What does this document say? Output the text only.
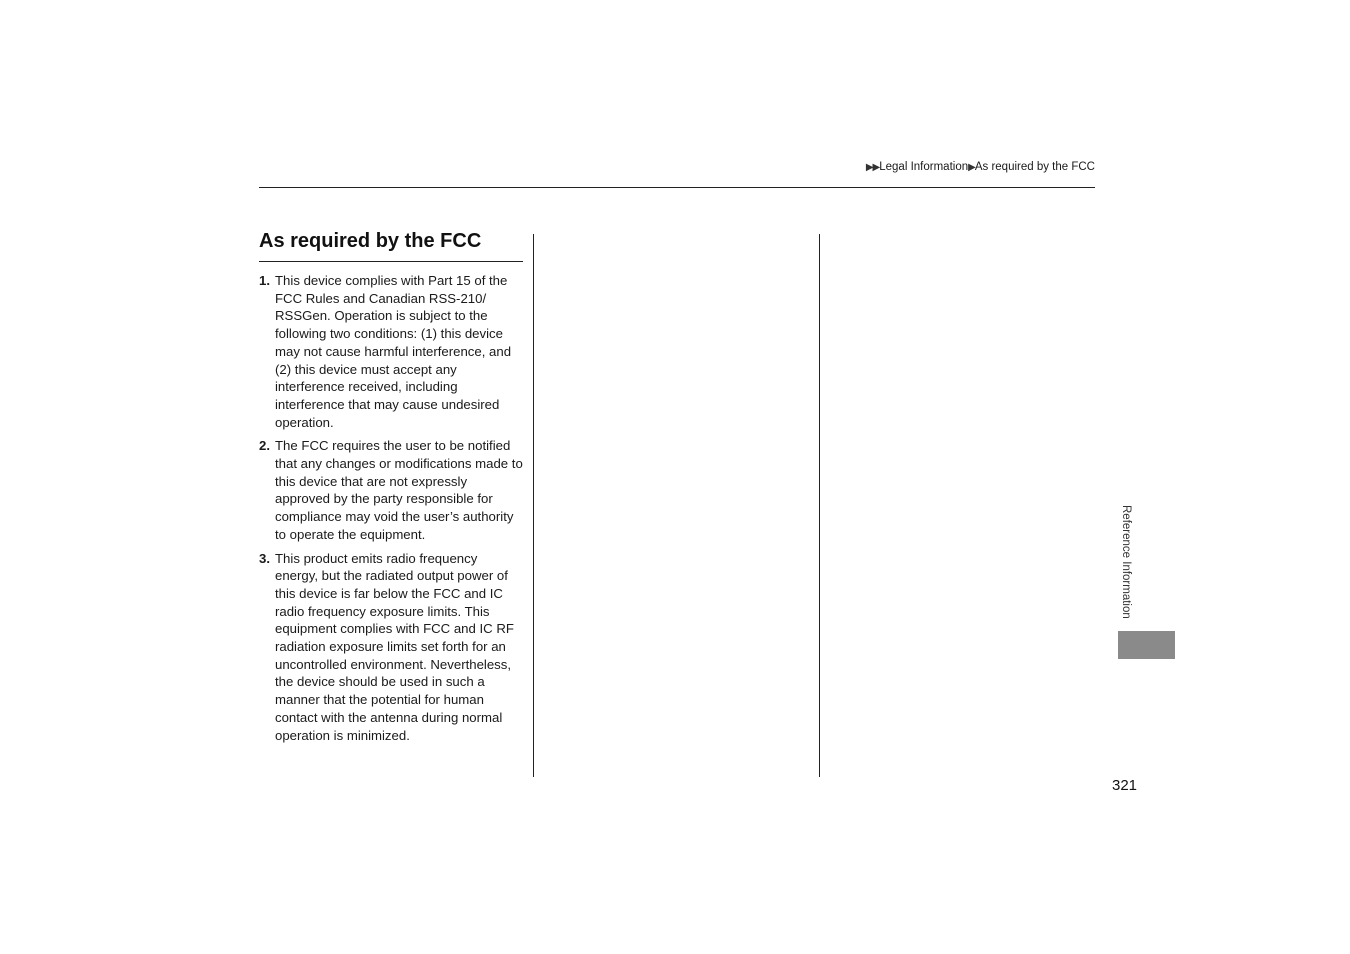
▶▶ Legal Information ▶ As required by the FCC
As required by the FCC
1. This device complies with Part 15 of the FCC Rules and Canadian RSS-210/ RSSGen. Operation is subject to the following two conditions: (1) this device may not cause harmful interference, and (2) this device must accept any interference received, including interference that may cause undesired operation.
2. The FCC requires the user to be notified that any changes or modifications made to this device that are not expressly approved by the party responsible for compliance may void the user’s authority to operate the equipment.
3. This product emits radio frequency energy, but the radiated output power of this device is far below the FCC and IC radio frequency exposure limits. This equipment complies with FCC and IC RF radiation exposure limits set forth for an uncontrolled environment. Nevertheless, the device should be used in such a manner that the potential for human contact with the antenna during normal operation is minimized.
Reference Information
321
